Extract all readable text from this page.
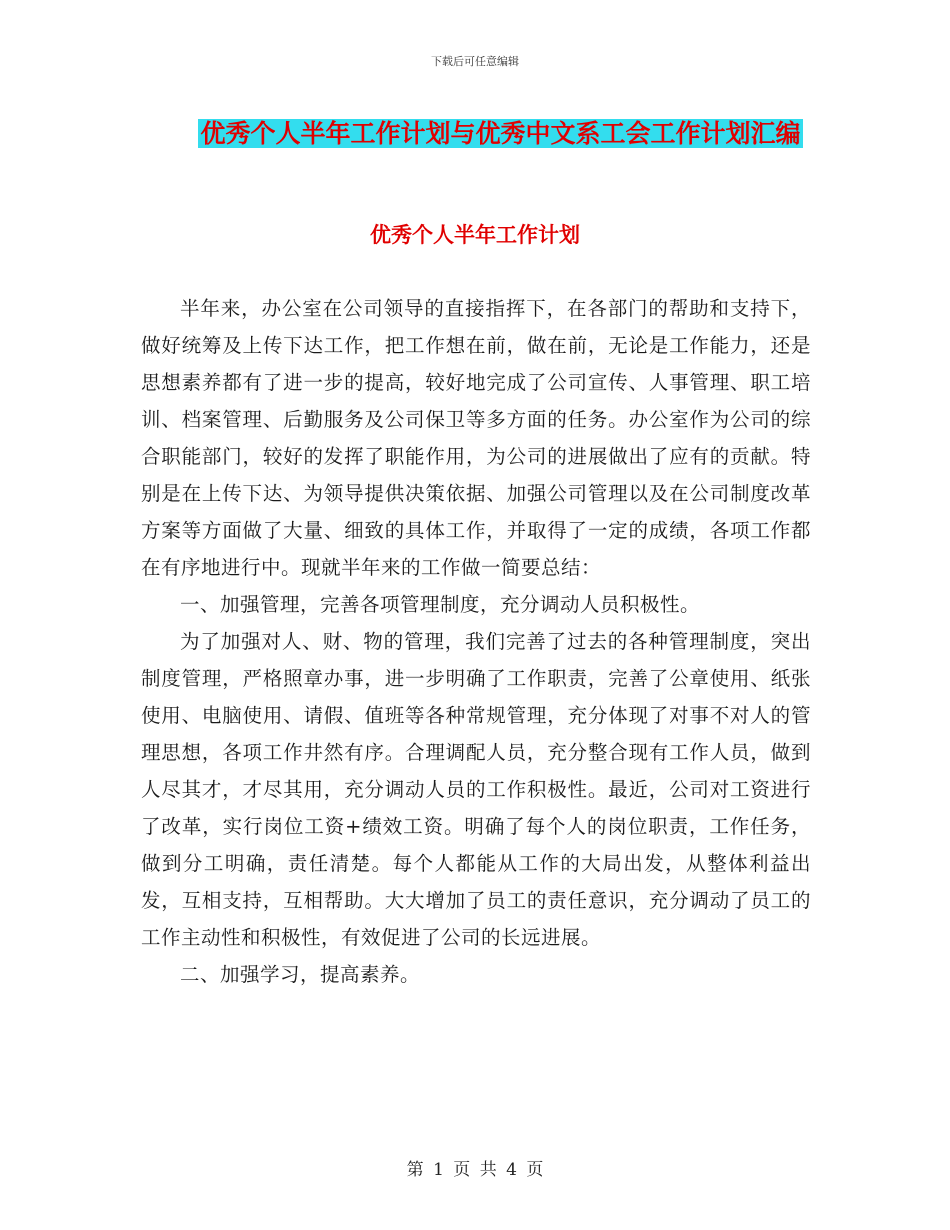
下载后可任意编辑
优秀个人半年工作计划与优秀中文系工会工作计划汇编
优秀个人半年工作计划

半年来，办公室在公司领导的直接指挥下，在各部门的帮助和支持下，做好统筹及上传下达工作，把工作想在前，做在前，无论是工作能力，还是思想素养都有了进一步的提高，较好地完成了公司宣传、人事管理、职工培训、档案管理、后勤服务及公司保卫等多方面的任务。办公室作为公司的综合职能部门，较好的发挥了职能作用，为公司的进展做出了应有的贡献。特别是在上传下达、为领导提供决策依据、加强公司管理以及在公司制度改革方案等方面做了大量、细致的具体工作，并取得了一定的成绩，各项工作都在有序地进行中。现就半年来的工作做一简要总结：

一、加强管理，完善各项管理制度，充分调动人员积极性。

为了加强对人、财、物的管理，我们完善了过去的各种管理制度，突出制度管理，严格照章办事，进一步明确了工作职责，完善了公章使用、纸张使用、电脑使用、请假、值班等各种常规管理，充分体现了对事不对人的管理思想，各项工作井然有序。合理调配人员，充分整合现有工作人员，做到人尽其才，才尽其用，充分调动人员的工作积极性。最近，公司对工资进行了改革，实行岗位工资+绩效工资。明确了每个人的岗位职责，工作任务，做到分工明确，责任清楚。每个人都能从工作的大局出发，从整体利益出发，互相支持，互相帮助。大大增加了员工的责任意识，充分调动了员工的工作主动性和积极性，有效促进了公司的长远进展。

二、加强学习，提高素养。

第 1 页 共 4 页
